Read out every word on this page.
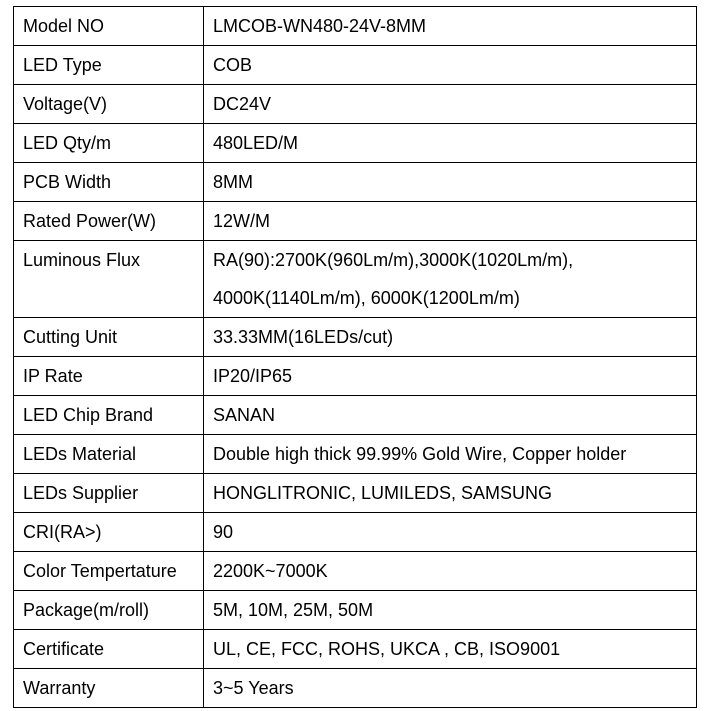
Model NO	LMCOB-WN480-24V-8MM
LED Type	COB
Voltage(V)	DC24V
LED Qty/m	480LED/M
PCB Width	8MM
Rated Power(W)	12W/M

Luminous Flux	RA(90):2700K(960Lm/m),3000K(1020Lm/m),
4000K(1140Lm/m), 6000K(1200Lm/m)

Cutting Unit	33.33MM(16LEDs/cut)
IP Rate	IP20/IP65
LED Chip Brand	SANAN
LEDs Material	Double high thick 99.99% Gold Wire, Copper holder
LEDs Supplier	HONGLITRONIC, LUMILEDS, SAMSUNG
CRI(RA>)	90
Color Tempertature	2200K~7000K
Package(m/roll)	5M, 10M, 25M, 50M
Certificate	UL, CE, FCC, ROHS, UKCA , CB, ISO9001
Warranty	3~5 Years
